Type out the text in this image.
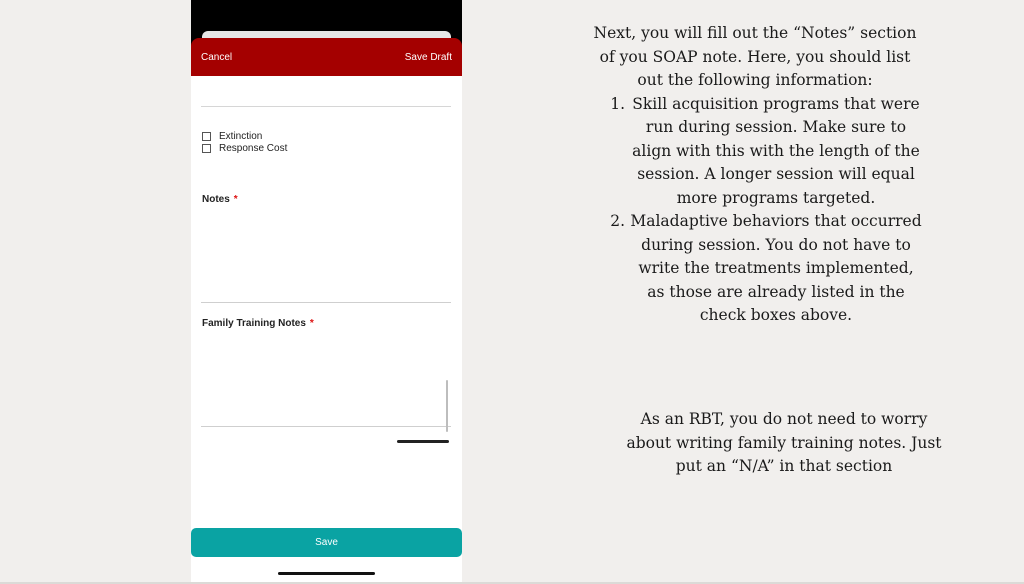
Cancel	Save Draft
Extinction
Response Cost
Notes *
Family Training Notes *
Save
Next, you will fill out the “Notes” section of you SOAP note. Here, you should list out the following information:
1. Skill acquisition programs that were run during session. Make sure to align with this with the length of the session. A longer session will equal more programs targeted.
2. Maladaptive behaviors that occurred during session. You do not have to write the treatments implemented, as those are already listed in the check boxes above.
As an RBT, you do not need to worry about writing family training notes. Just put an “N/A” in that section
